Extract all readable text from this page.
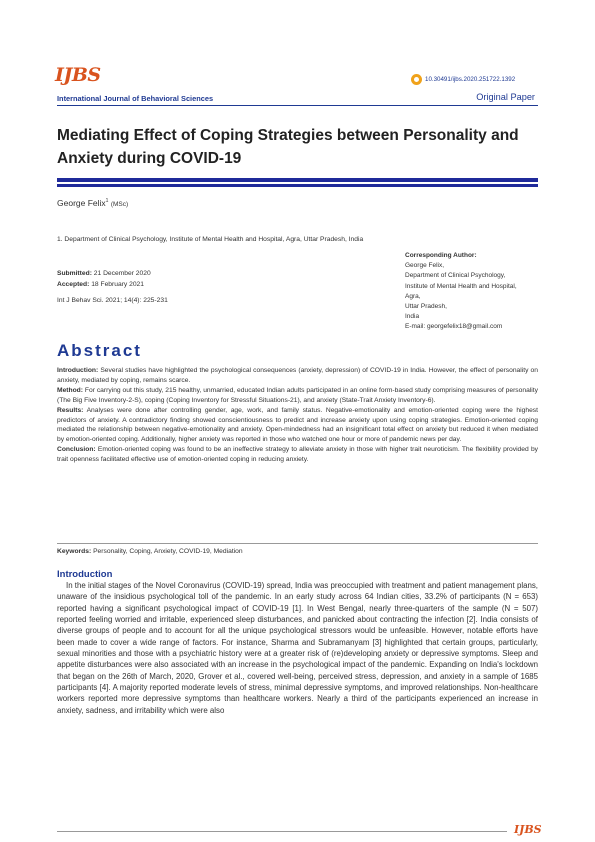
IJBS	10.30491/ijbs.2020.251722.1392
International Journal of Behavioral Sciences	Original Paper
Mediating Effect of Coping Strategies between Personality and Anxiety during COVID-19
George Felix$^1$ (MSc)
1. Department of Clinical Psychology, Institute of Mental Health and Hospital, Agra, Uttar Pradesh, India
Submitted: 21 December 2020
Accepted: 18 February 2021
Int J Behav Sci. 2021; 14(4): 225-231
Corresponding Author:
George Felix,
Department of Clinical Psychology,
Institute of Mental Health and Hospital,
Agra,
Uttar Pradesh,
India
E-mail: georgefelix18@gmail.com
Abstract

Introduction: Several studies have highlighted the psychological consequences (anxiety, depression) of COVID-19 in India. However, the effect of personality on anxiety, mediated by coping, remains scarce.

Method: For carrying out this study, 215 healthy, unmarried, educated Indian adults participated in an online form-based study comprising measures of personality (The Big Five Inventory-2-S), coping (Coping Inventory for Stressful Situations-21), and anxiety (State-Trait Anxiety Inventory-6).

Results: Analyses were done after controlling gender, age, work, and family status. Negative-emotionality and emotion-oriented coping were the highest predictors of anxiety. A contradictory finding showed conscientiousness to predict and increase anxiety upon using coping strategies. Emotion-oriented coping mediated the relationship between negative-emotionality and anxiety. Open-mindedness had an insignificant total effect on anxiety but reduced it when mediated by emotion-oriented coping. Additionally, higher anxiety was reported in those who watched one hour or more of pandemic news per day.

Conclusion: Emotion-oriented coping was found to be an ineffective strategy to alleviate anxiety in those with higher trait neuroticism. The flexibility provided by trait openness facilitated effective use of emotion-oriented coping in reducing anxiety.

Keywords: Personality, Coping, Anxiety, COVID-19, Mediation
Introduction
In the initial stages of the Novel Coronavirus (COVID-19) spread, India was preoccupied with treatment and patient management plans, unaware of the insidious psychological toll of the pandemic. In an early study across 64 Indian cities, 33.2% of participants (N = 653) reported having a significant psychological impact of COVID-19 [1]. In West Bengal, nearly three-quarters of the sample (N = 507) reported feeling worried and irritable, experienced sleep disturbances, and panicked about contracting the infection [2]. India consists of diverse groups of people and to account for all the unique psychological stressors would be unfeasible. However, notable efforts have been made to cover a wide range of factors. For instance, Sharma and Subramanyam [3] highlighted that certain groups, particularly, sexual minorities and those with a psychiatric history were at a greater risk of (re)developing anxiety or depressive symptoms. Sleep and appetite disturbances were also associated with an increase in the psychological impact of the pandemic. Expanding on India's lockdown that began on the 26th of March, 2020, Grover et al., covered well-being, perceived stress, depression, and anxiety in a sample of 1685 participants [4]. A majority reported moderate levels of stress, minimal depressive symptoms, and improved relationships. Non-healthcare workers reported more depressive symptoms than healthcare workers. Nearly a third of the participants experienced an increase in anxiety, sadness, and irritability which were also
IJBS
